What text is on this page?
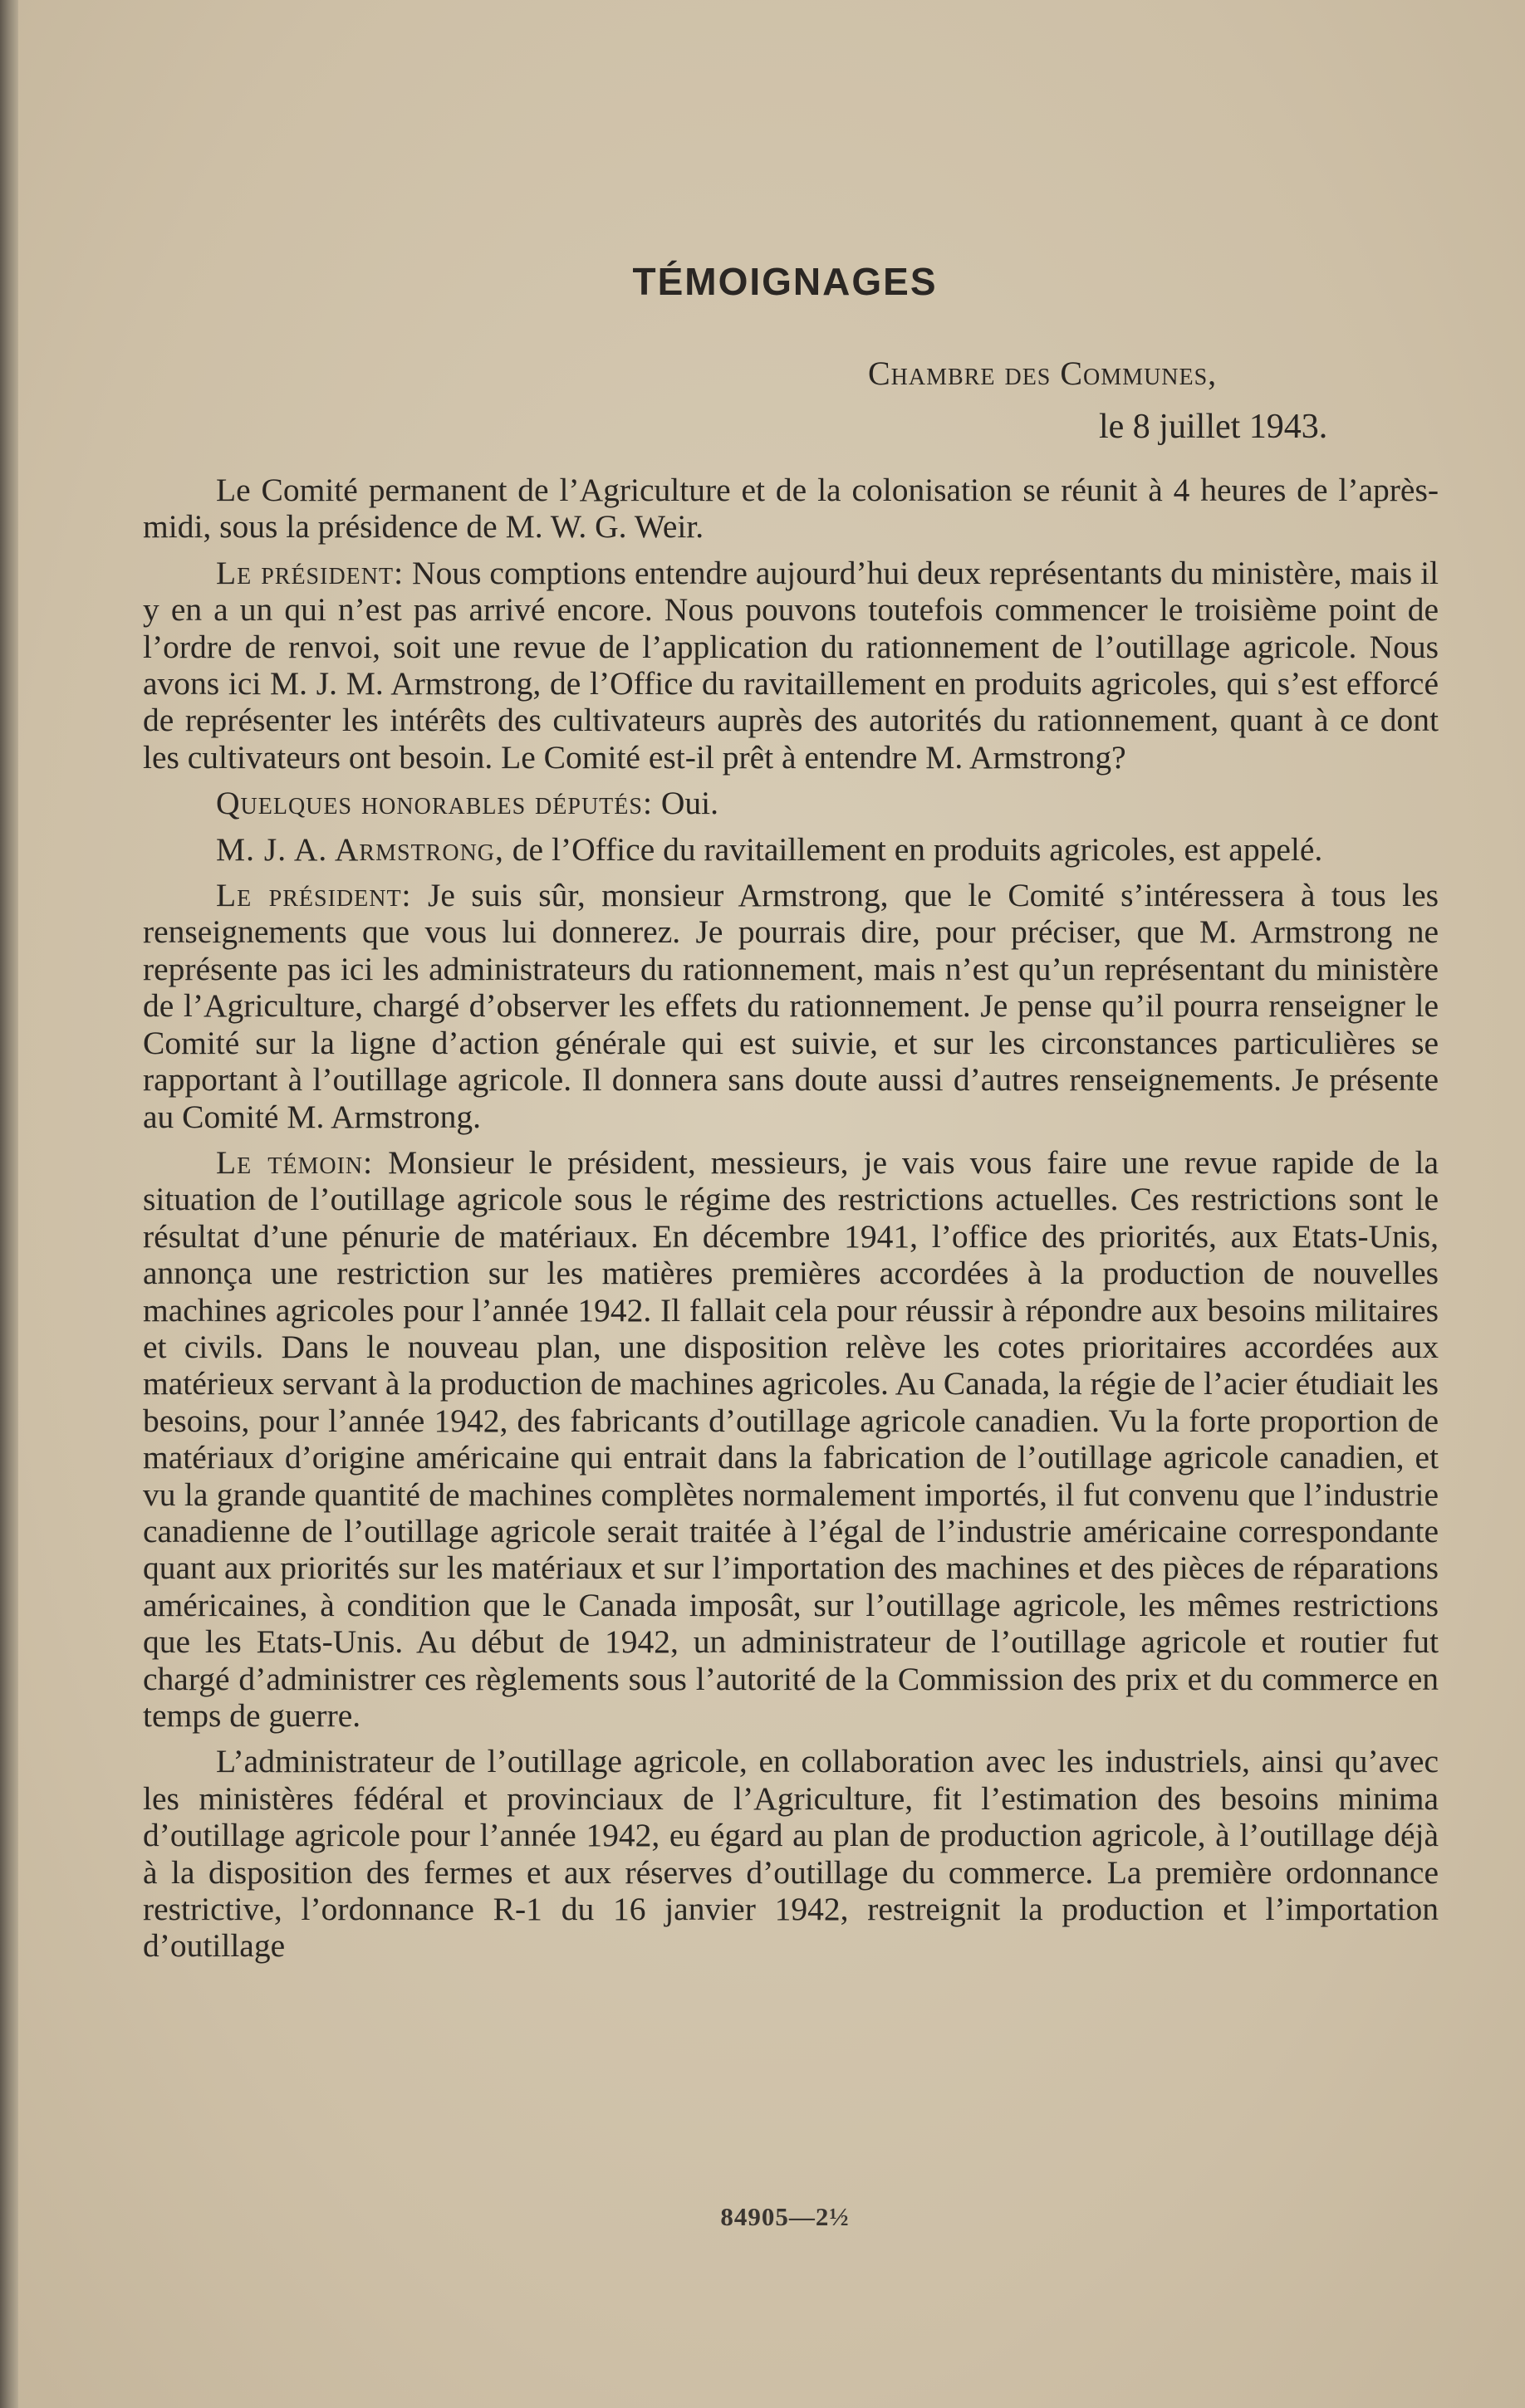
TÉMOIGNAGES
Chambre des Communes,
le 8 juillet 1943.

Le Comité permanent de l’Agriculture et de la colonisation se réunit à 4 heures de l’après-midi, sous la présidence de M. W. G. Weir.

Le président: Nous comptions entendre aujourd’hui deux représentants du ministère, mais il y en a un qui n’est pas arrivé encore. Nous pouvons toutefois commencer le troisième point de l’ordre de renvoi, soit une revue de l’application du rationnement de l’outillage agricole. Nous avons ici M. J. M. Armstrong, de l’Office du ravitaillement en produits agricoles, qui s’est efforcé de représenter les intérêts des cultivateurs auprès des autorités du rationnement, quant à ce dont les cultivateurs ont besoin. Le Comité est-il prêt à entendre M. Armstrong?

Quelques honorables députés: Oui.

M. J. A. Armstrong, de l’Office du ravitaillement en produits agricoles, est appelé.

Le président: Je suis sûr, monsieur Armstrong, que le Comité s’intéressera à tous les renseignements que vous lui donnerez. Je pourrais dire, pour préciser, que M. Armstrong ne représente pas ici les administrateurs du rationnement, mais n’est qu’un représentant du ministère de l’Agriculture, chargé d’observer les effets du rationnement. Je pense qu’il pourra renseigner le Comité sur la ligne d’action générale qui est suivie, et sur les circonstances particulières se rapportant à l’outillage agricole. Il donnera sans doute aussi d’autres renseignements. Je présente au Comité M. Armstrong.

Le témoin: Monsieur le président, messieurs, je vais vous faire une revue rapide de la situation de l’outillage agricole sous le régime des restrictions actuelles. Ces restrictions sont le résultat d’une pénurie de matériaux. En décembre 1941, l’office des priorités, aux Etats-Unis, annonça une restriction sur les matières premières accordées à la production de nouvelles machines agricoles pour l’année 1942. Il fallait cela pour réussir à répondre aux besoins militaires et civils. Dans le nouveau plan, une disposition relève les cotes prioritaires accordées aux matérieux servant à la production de machines agricoles. Au Canada, la régie de l’acier étudiait les besoins, pour l’année 1942, des fabricants d’outillage agricole canadien. Vu la forte proportion de matériaux d’origine américaine qui entrait dans la fabrication de l’outillage agricole canadien, et vu la grande quantité de machines complètes normalement importés, il fut convenu que l’industrie canadienne de l’outillage agricole serait traitée à l’égal de l’industrie américaine correspondante quant aux priorités sur les matériaux et sur l’importation des machines et des pièces de réparations américaines, à condition que le Canada imposât, sur l’outillage agricole, les mêmes restrictions que les Etats-Unis. Au début de 1942, un administrateur de l’outillage agricole et routier fut chargé d’administrer ces règlements sous l’autorité de la Commission des prix et du commerce en temps de guerre.

L’administrateur de l’outillage agricole, en collaboration avec les industriels, ainsi qu’avec les ministères fédéral et provinciaux de l’Agriculture, fit l’estimation des besoins minima d’outillage agricole pour l’année 1942, eu égard au plan de production agricole, à l’outillage déjà à la disposition des fermes et aux réserves d’outillage du commerce. La première ordonnance restrictive, l’ordonnance R-1 du 16 janvier 1942, restreignit la production et l’importation d’outillage

84905—2½
